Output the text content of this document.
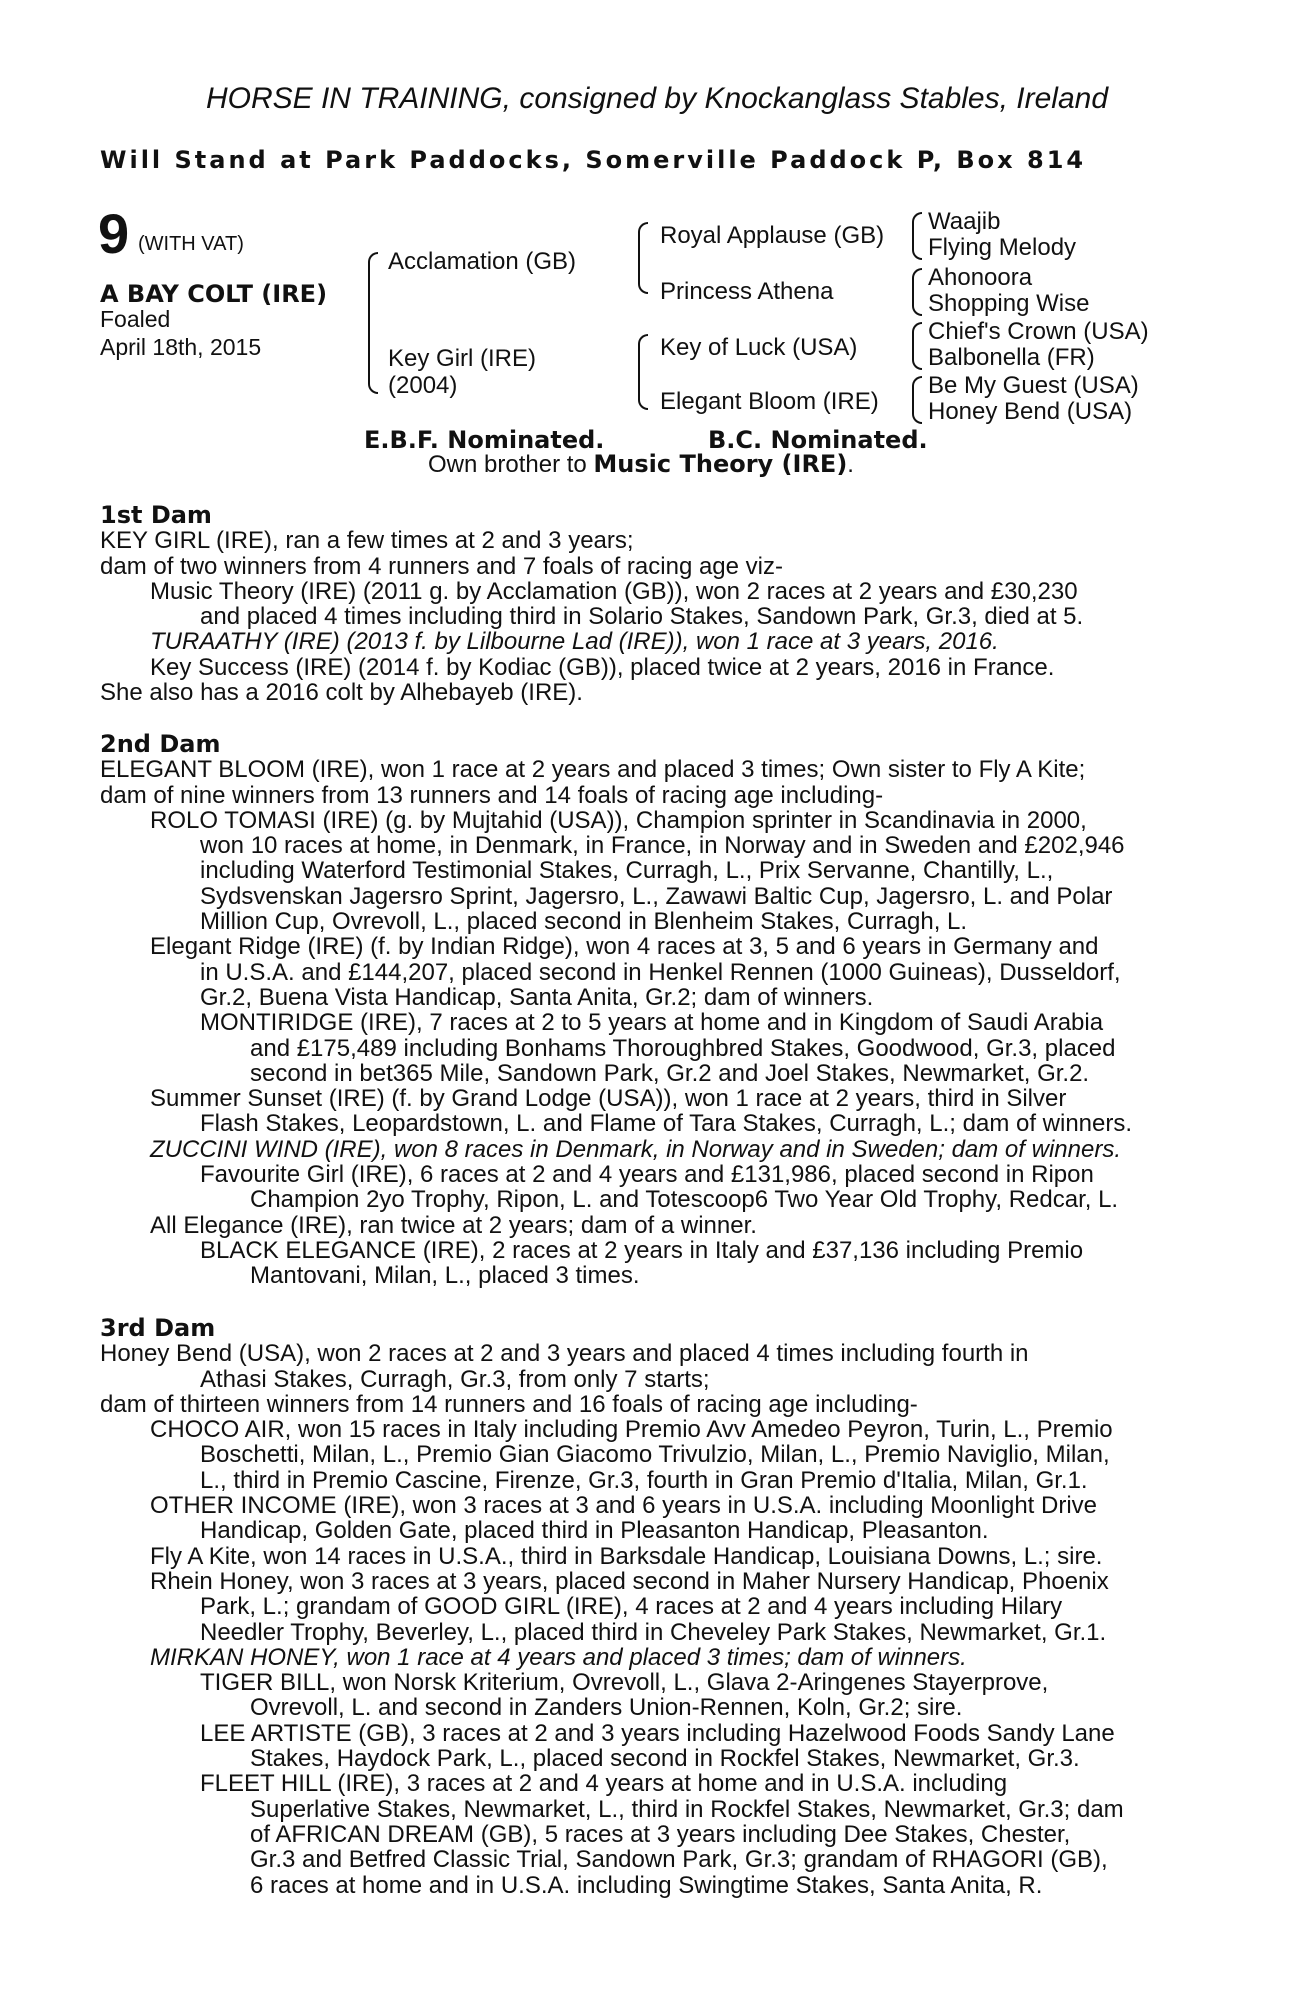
HORSE IN TRAINING, consigned by Knockanglass Stables, Ireland
Will Stand at Park Paddocks, Somerville Paddock P, Box 814
9 (WITH VAT)
A BAY COLT (IRE)
Foaled
April 18th, 2015
Acclamation (GB)
Key Girl (IRE)
(2004)
Royal Applause (GB)
Princess Athena
Key of Luck (USA)
Elegant Bloom (IRE)
Waajib
Flying Melody
Ahonoora
Shopping Wise
Chief's Crown (USA)
Balbonella (FR)
Be My Guest (USA)
Honey Bend (USA)
E.B.F. Nominated.	B.C. Nominated.
Own brother to Music Theory (IRE).
1st Dam
KEY GIRL (IRE), ran a few times at 2 and 3 years;
dam of two winners from 4 runners and 7 foals of racing age viz-
Music Theory (IRE) (2011 g. by Acclamation (GB)), won 2 races at 2 years and £30,230
and placed 4 times including third in Solario Stakes, Sandown Park, Gr.3, died at 5.
TURAATHY (IRE) (2013 f. by Lilbourne Lad (IRE)), won 1 race at 3 years, 2016.
Key Success (IRE) (2014 f. by Kodiac (GB)), placed twice at 2 years, 2016 in France.
She also has a 2016 colt by Alhebayeb (IRE).
2nd Dam
ELEGANT BLOOM (IRE), won 1 race at 2 years and placed 3 times; Own sister to Fly A Kite;
dam of nine winners from 13 runners and 14 foals of racing age including-
ROLO TOMASI (IRE) (g. by Mujtahid (USA)), Champion sprinter in Scandinavia in 2000,
won 10 races at home, in Denmark, in France, in Norway and in Sweden and £202,946
including Waterford Testimonial Stakes, Curragh, L., Prix Servanne, Chantilly, L.,
Sydsvenskan Jagersro Sprint, Jagersro, L., Zawawi Baltic Cup, Jagersro, L. and Polar
Million Cup, Ovrevoll, L., placed second in Blenheim Stakes, Curragh, L.
Elegant Ridge (IRE) (f. by Indian Ridge), won 4 races at 3, 5 and 6 years in Germany and
in U.S.A. and £144,207, placed second in Henkel Rennen (1000 Guineas), Dusseldorf,
Gr.2, Buena Vista Handicap, Santa Anita, Gr.2; dam of winners.
MONTIRIDGE (IRE), 7 races at 2 to 5 years at home and in Kingdom of Saudi Arabia
and £175,489 including Bonhams Thoroughbred Stakes, Goodwood, Gr.3, placed
second in bet365 Mile, Sandown Park, Gr.2 and Joel Stakes, Newmarket, Gr.2.
Summer Sunset (IRE) (f. by Grand Lodge (USA)), won 1 race at 2 years, third in Silver
Flash Stakes, Leopardstown, L. and Flame of Tara Stakes, Curragh, L.; dam of winners.
ZUCCINI WIND (IRE), won 8 races in Denmark, in Norway and in Sweden; dam of winners.
Favourite Girl (IRE), 6 races at 2 and 4 years and £131,986, placed second in Ripon
Champion 2yo Trophy, Ripon, L. and Totescoop6 Two Year Old Trophy, Redcar, L.
All Elegance (IRE), ran twice at 2 years; dam of a winner.
BLACK ELEGANCE (IRE), 2 races at 2 years in Italy and £37,136 including Premio
Mantovani, Milan, L., placed 3 times.
3rd Dam
Honey Bend (USA), won 2 races at 2 and 3 years and placed 4 times including fourth in
Athasi Stakes, Curragh, Gr.3, from only 7 starts;
dam of thirteen winners from 14 runners and 16 foals of racing age including-
CHOCO AIR, won 15 races in Italy including Premio Avv Amedeo Peyron, Turin, L., Premio
Boschetti, Milan, L., Premio Gian Giacomo Trivulzio, Milan, L., Premio Naviglio, Milan,
L., third in Premio Cascine, Firenze, Gr.3, fourth in Gran Premio d'Italia, Milan, Gr.1.
OTHER INCOME (IRE), won 3 races at 3 and 6 years in U.S.A. including Moonlight Drive
Handicap, Golden Gate, placed third in Pleasanton Handicap, Pleasanton.
Fly A Kite, won 14 races in U.S.A., third in Barksdale Handicap, Louisiana Downs, L.; sire.
Rhein Honey, won 3 races at 3 years, placed second in Maher Nursery Handicap, Phoenix
Park, L.; grandam of GOOD GIRL (IRE), 4 races at 2 and 4 years including Hilary
Needler Trophy, Beverley, L., placed third in Cheveley Park Stakes, Newmarket, Gr.1.
MIRKAN HONEY, won 1 race at 4 years and placed 3 times; dam of winners.
TIGER BILL, won Norsk Kriterium, Ovrevoll, L., Glava 2-Aringenes Stayerprove,
Ovrevoll, L. and second in Zanders Union-Rennen, Koln, Gr.2; sire.
LEE ARTISTE (GB), 3 races at 2 and 3 years including Hazelwood Foods Sandy Lane
Stakes, Haydock Park, L., placed second in Rockfel Stakes, Newmarket, Gr.3.
FLEET HILL (IRE), 3 races at 2 and 4 years at home and in U.S.A. including
Superlative Stakes, Newmarket, L., third in Rockfel Stakes, Newmarket, Gr.3; dam
of AFRICAN DREAM (GB), 5 races at 3 years including Dee Stakes, Chester,
Gr.3 and Betfred Classic Trial, Sandown Park, Gr.3; grandam of RHAGORI (GB),
6 races at home and in U.S.A. including Swingtime Stakes, Santa Anita, R.
